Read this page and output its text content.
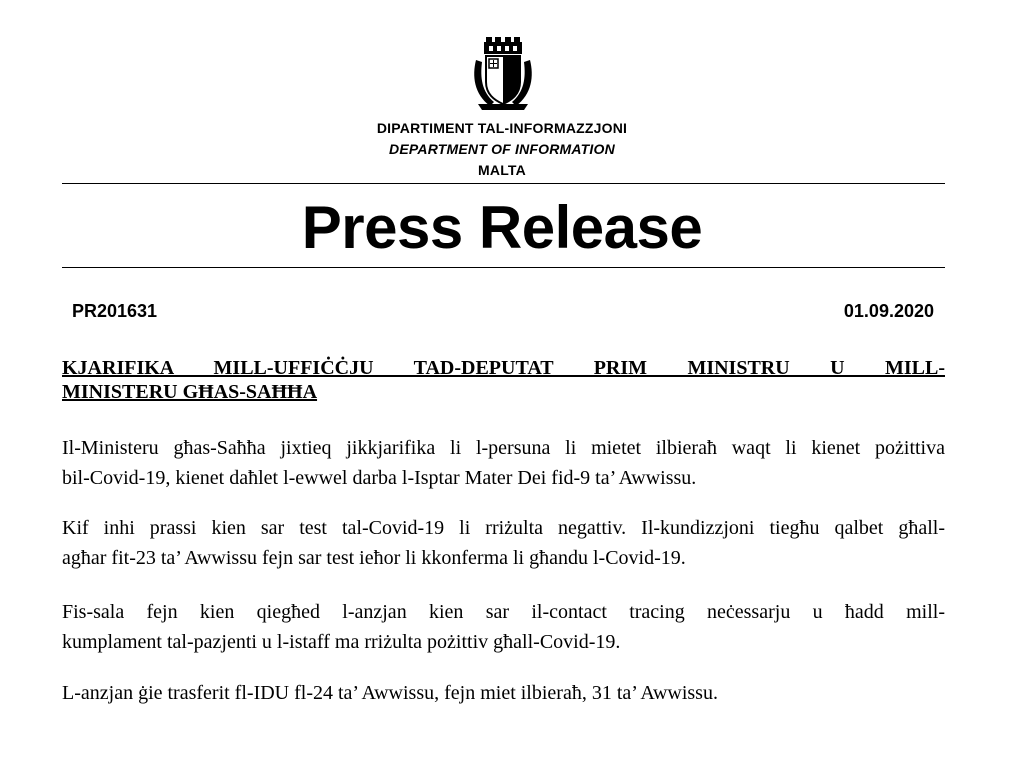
DIPARTIMENT TAL-INFORMAZZJONI
DEPARTMENT OF INFORMATION
MALTA
Press Release
PR201631	01.09.2020
KJARIFIKA MILL-UFFIĊĊJU TAD-DEPUTAT PRIM MINISTRU U MILL-
MINISTERU GĦAS-SAĦĦA
Il-Ministeru għas-Saħħa jixtieq jikkjarifika li l-persuna li mietet ilbieraħ waqt li kienet pożittiva
bil-Covid-19, kienet daħlet l-ewwel darba l-Isptar Mater Dei fid-9 ta’ Awwissu.
Kif inhi prassi kien sar test tal-Covid-19 li rriżulta negattiv. Il-kundizzjoni tiegħu qalbet għall-
agħar fit-23 ta’ Awwissu fejn sar test ieħor li kkonferma li għandu l-Covid-19.
Fis-sala fejn kien qiegħed l-anzjan kien sar il-contact tracing neċessarju u ħadd mill-
kumplament tal-pazjenti u l-istaff ma rriżulta pożittiv għall-Covid-19.
L-anzjan ġie trasferit fl-IDU fl-24 ta’ Awwissu, fejn miet ilbieraħ, 31 ta’ Awwissu.
